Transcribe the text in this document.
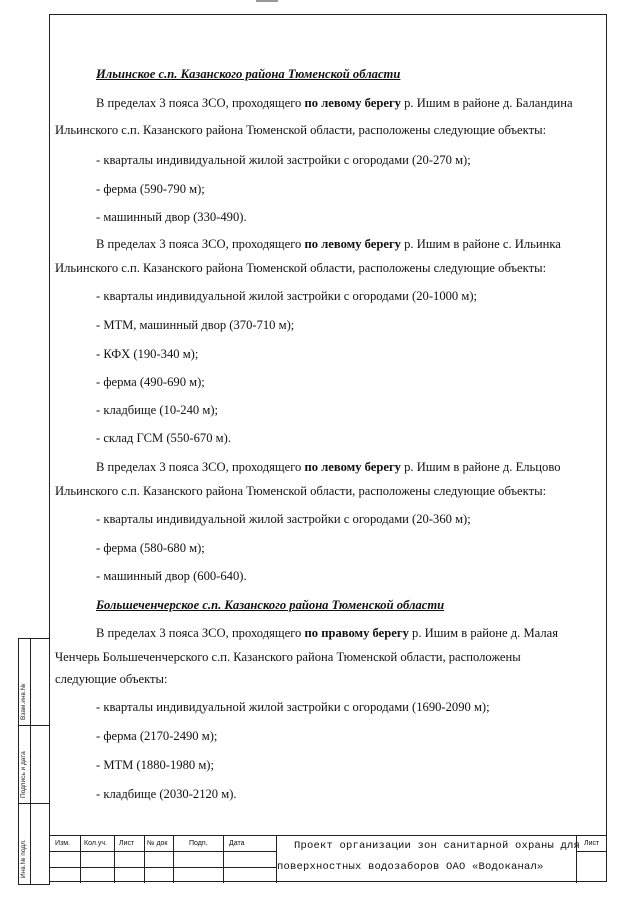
Взам.инв.№
Подпись и дата
Инв.№ подл.
Ильинское с.п. Казанского района Тюменской области
В пределах 3 пояса ЗСО, проходящего по левому берегу р. Ишим в районе д. Баландина
Ильинского с.п. Казанского района Тюменской области, расположены следующие объекты:
- кварталы индивидуальной жилой застройки с огородами (20-270 м);
- ферма (590-790 м);
- машинный двор (330-490).
В пределах 3 пояса ЗСО, проходящего по левому берегу р. Ишим в районе с. Ильинка
Ильинского с.п. Казанского района Тюменской области, расположены следующие объекты:
- кварталы индивидуальной жилой застройки с огородами (20-1000 м);
- МТМ, машинный двор (370-710 м);
- КФХ (190-340 м);
- ферма (490-690 м);
- кладбище (10-240 м);
- склад ГСМ (550-670 м).
В пределах 3 пояса ЗСО, проходящего по левому берегу р. Ишим в районе д. Ельцово
Ильинского с.п. Казанского района Тюменской области, расположены следующие объекты:
- кварталы индивидуальной жилой застройки с огородами (20-360 м);
- ферма (580-680 м);
- машинный двор (600-640).
Большеченчерское с.п. Казанского района Тюменской области
В пределах 3 пояса ЗСО, проходящего по правому берегу р. Ишим в районе д. Малая
Ченчерь Большеченчерского с.п. Казанского района Тюменской области, расположены
следующие объекты:
- кварталы индивидуальной жилой застройки с огородами (1690-2090 м);
- ферма (2170-2490 м);
- МТМ (1880-1980 м);
- кладбище (2030-2120 м).
Изм. Кол.уч. Лист № док	Подп.	Дата	Проект организации зон санитарной охраны для
поверхностных водозаборов ОАО «Водоканал»
Лист
